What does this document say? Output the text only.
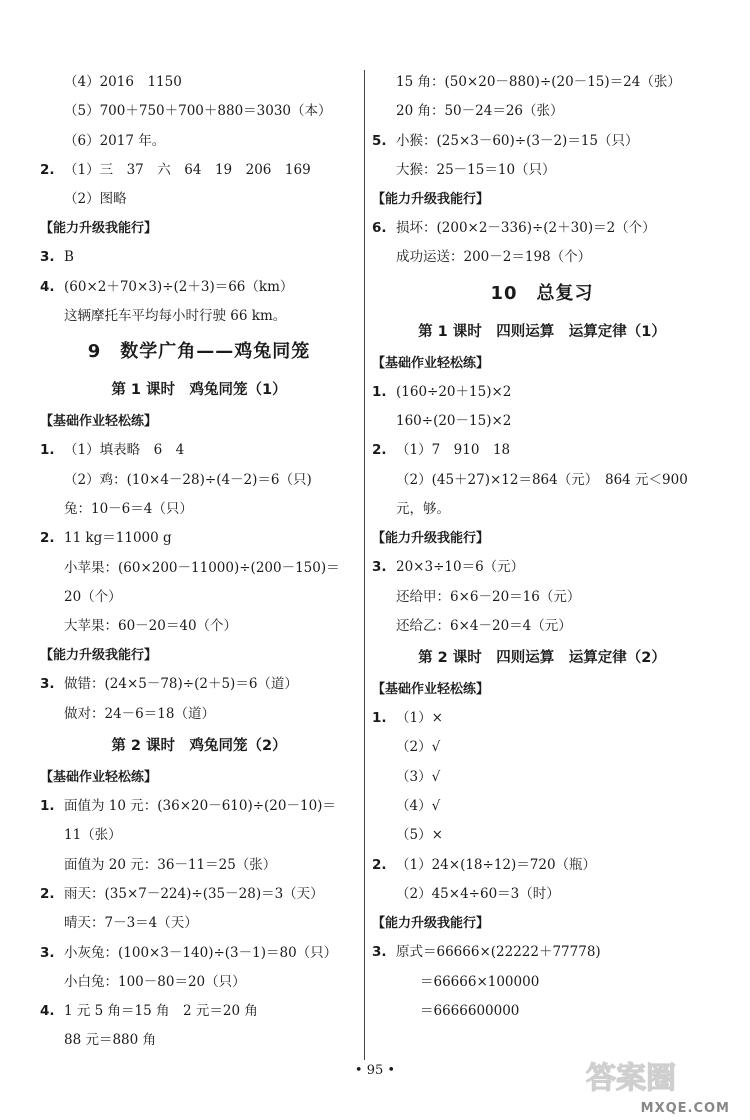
（4）2016　1150
（5）700＋750＋700＋880＝3030（本）
（6）2017 年。
2. （1）三　37　六　64　19　206　169
（2）图略
【能力升级我能行】
3. B
4. (60×2＋70×3)÷(2＋3)＝66（km）
这辆摩托车平均每小时行驶 66 km。
9　数学广角——鸡兔同笼
第 1 课时　鸡兔同笼（1）
【基础作业轻松练】
1. （1）填表略　6　4
（2）鸡：(10×4－28)÷(4－2)＝6（只)
兔：10－6＝4（只）
2. 11 kg＝11000 g
小苹果：(60×200－11000)÷(200－150)＝
20（个）
大苹果：60－20＝40（个）
【能力升级我能行】
3. 做错：(24×5－78)÷(2＋5)＝6（道）
做对：24－6＝18（道）
第 2 课时　鸡兔同笼（2）
【基础作业轻松练】
1. 面值为 10 元：(36×20－610)÷(20－10)＝
11（张）
面值为 20 元：36－11＝25（张）
2. 雨天：(35×7－224)÷(35－28)＝3（天）
晴天：7－3＝4（天）
3. 小灰兔：(100×3－140)÷(3－1)＝80（只）
小白兔：100－80＝20（只）
4. 1 元 5 角＝15 角　2 元＝20 角
88 元＝880 角
15 角：(50×20－880)÷(20－15)＝24（张）
20 角：50－24＝26（张）
5. 小猴：(25×3－60)÷(3－2)＝15（只）
大猴：25－15＝10（只）
【能力升级我能行】
6. 损坏：(200×2－336)÷(2＋30)＝2（个）
成功运送：200－2＝198（个）
10　总复习
第 1 课时　四则运算　运算定律（1）
【基础作业轻松练】
1. (160÷20＋15)×2
160÷(20－15)×2
2. （1）7　910　18
（2）(45＋27)×12＝864（元）　864 元＜900
元，够。
【能力升级我能行】
3. 20×3÷10＝6（元）
还给甲：6×6－20＝16（元）
还给乙：6×4－20＝4（元）
第 2 课时　四则运算　运算定律（2）
【基础作业轻松练】
1. （1）×
（2）√
（3）√
（4）√
（5）×
2. （1）24×(18÷12)＝720（瓶）
（2）45×4÷60＝3（时）
【能力升级我能行】
3. 原式＝66666×(22222＋77778)
＝66666×100000
＝6666600000
• 95 •	答案圈
MXQE.COM
